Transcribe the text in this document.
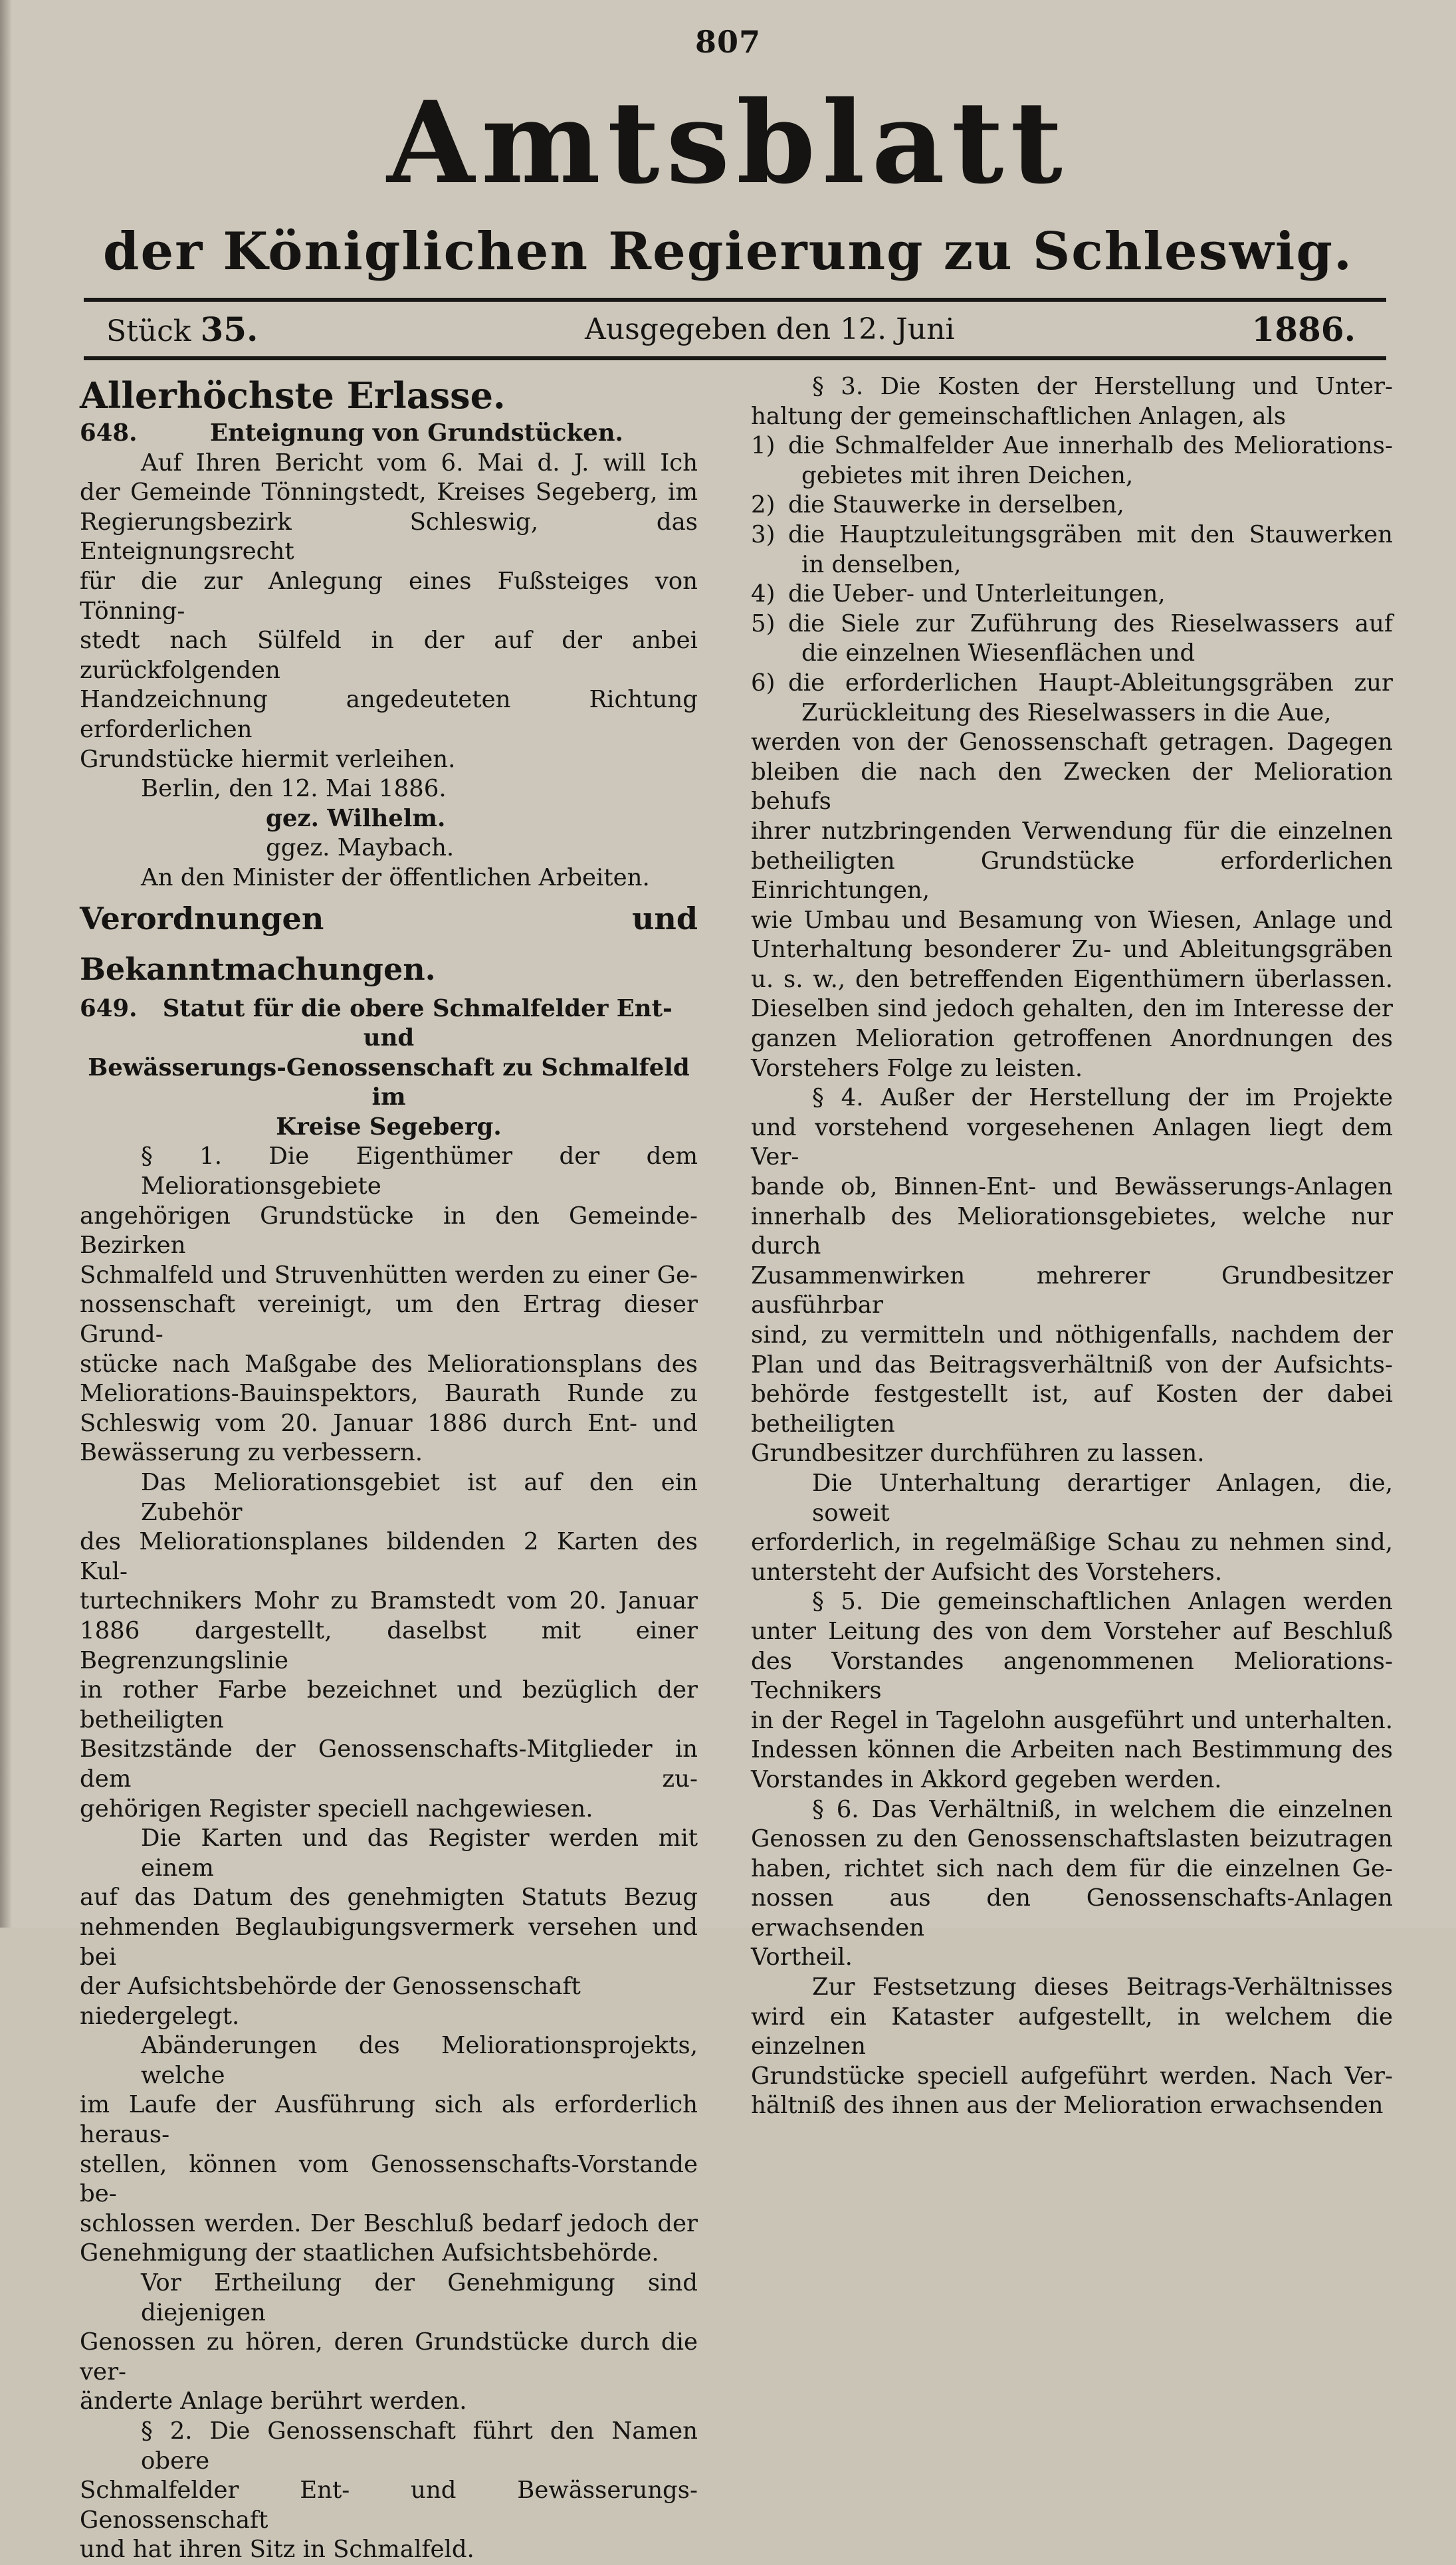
807
Amtsblatt
der Königlichen Regierung zu Schleswig.
Stück 35.	Ausgegeben den 12. Juni	1886.

Allerhöchste Erlasse.

648.	Enteignung von Grundstücken.

Auf Ihren Bericht vom 6. Mai d. J. will Ich
der Gemeinde Tönningstedt, Kreises Segeberg, im
Regierungsbezirk Schleswig, das Enteignungsrecht
für die zur Anlegung eines Fußsteiges von Tönning-
stedt nach Sülfeld in der auf der anbei zurückfolgenden
Handzeichnung angedeuteten Richtung erforderlichen
Grundstücke hiermit verleihen.

Berlin, den 12. Mai 1886.

gez. Wilhelm.

ggez. Maybach.

An den Minister der öffentlichen Arbeiten.

Verordnungen und Bekanntmachungen.

649. Statut für die obere Schmalfelder Ent- und
Bewässerungs-Genossenschaft zu Schmalfeld im
Kreise Segeberg.
§ 1. Die Eigenthümer der dem Meliorationsgebiete
angehörigen Grundstücke in den Gemeinde-Bezirken
Schmalfeld und Struvenhütten werden zu einer Ge-
nossenschaft vereinigt, um den Ertrag dieser Grund-
stücke nach Maßgabe des Meliorationsplans des
Meliorations-Bauinspektors, Baurath Runde zu
Schleswig vom 20. Januar 1886 durch Ent- und
Bewässerung zu verbessern.
Das Meliorationsgebiet ist auf den ein Zubehör
des Meliorationsplanes bildenden 2 Karten des Kul-
turtechnikers Mohr zu Bramstedt vom 20. Januar
1886 dargestellt, daselbst mit einer Begrenzungslinie
in rother Farbe bezeichnet und bezüglich der betheiligten
Besitzstände der Genossenschafts-Mitglieder in dem zu-
gehörigen Register speciell nachgewiesen.
Die Karten und das Register werden mit einem
auf das Datum des genehmigten Statuts Bezug
nehmenden Beglaubigungsvermerk versehen und bei
der Aufsichtsbehörde der Genossenschaft niedergelegt.
Abänderungen des Meliorationsprojekts, welche
im Laufe der Ausführung sich als erforderlich heraus-
stellen, können vom Genossenschafts-Vorstande be-
schlossen werden. Der Beschluß bedarf jedoch der
Genehmigung der staatlichen Aufsichtsbehörde.
Vor Ertheilung der Genehmigung sind diejenigen
Genossen zu hören, deren Grundstücke durch die ver-
änderte Anlage berührt werden.
§ 2. Die Genossenschaft führt den Namen obere
Schmalfelder Ent- und Bewässerungs-Genossenschaft
und hat ihren Sitz in Schmalfeld.
§ 3. Die Kosten der Herstellung und Unter-
haltung der gemeinschaftlichen Anlagen, als
1) die Schmalfelder Aue innerhalb des Meliorations-
gebietes mit ihren Deichen,
2) die Stauwerke in derselben,
3) die Hauptzuleitungsgräben mit den Stauwerken
in denselben,
4) die Ueber- und Unterleitungen,
5) die Siele zur Zuführung des Rieselwassers auf
die einzelnen Wiesenflächen und
6) die erforderlichen Haupt-Ableitungsgräben zur
Zurückleitung des Rieselwassers in die Aue,
werden von der Genossenschaft getragen. Dagegen
bleiben die nach den Zwecken der Melioration behufs
ihrer nutzbringenden Verwendung für die einzelnen
betheiligten Grundstücke erforderlichen Einrichtungen,
wie Umbau und Besamung von Wiesen, Anlage und
Unterhaltung besonderer Zu- und Ableitungsgräben
u. s. w., den betreffenden Eigenthümern überlassen.
Dieselben sind jedoch gehalten, den im Interesse der
ganzen Melioration getroffenen Anordnungen des
Vorstehers Folge zu leisten.
§ 4. Außer der Herstellung der im Projekte
und vorstehend vorgesehenen Anlagen liegt dem Ver-
bande ob, Binnen-Ent- und Bewässerungs-Anlagen
innerhalb des Meliorationsgebietes, welche nur durch
Zusammenwirken mehrerer Grundbesitzer ausführbar
sind, zu vermitteln und nöthigenfalls, nachdem der
Plan und das Beitragsverhältniß von der Aufsichts-
behörde festgestellt ist, auf Kosten der dabei betheiligten
Grundbesitzer durchführen zu lassen.
Die Unterhaltung derartiger Anlagen, die, soweit
erforderlich, in regelmäßige Schau zu nehmen sind,
untersteht der Aufsicht des Vorstehers.
§ 5. Die gemeinschaftlichen Anlagen werden
unter Leitung des von dem Vorsteher auf Beschluß
des Vorstandes angenommenen Meliorations-Technikers
in der Regel in Tagelohn ausgeführt und unterhalten.
Indessen können die Arbeiten nach Bestimmung des
Vorstandes in Akkord gegeben werden.
§ 6. Das Verhältniß, in welchem die einzelnen
Genossen zu den Genossenschaftslasten beizutragen
haben, richtet sich nach dem für die einzelnen Ge-
nossen aus den Genossenschafts-Anlagen erwachsenden
Vortheil.
Zur Festsetzung dieses Beitrags-Verhältnisses
wird ein Kataster aufgestellt, in welchem die einzelnen
Grundstücke speciell aufgeführt werden. Nach Ver-
hältniß des ihnen aus der Melioration erwachsenden
